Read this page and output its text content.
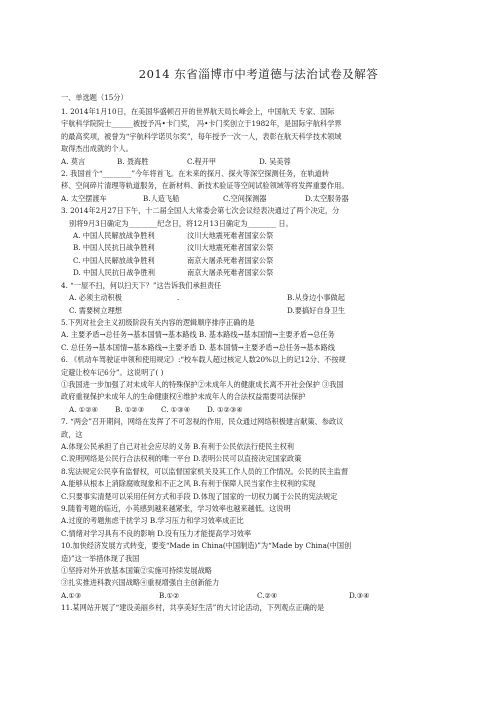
2014 东省淄博市中考道德与法治试卷及解答
一、单选题（15分）
1. 2014年1月10日，在美国华盛顿召开的世界航天局长峰会上，中国航天 专家、国际
宇航科学院院士______被授予冯•卡门奖， 冯•卡门奖创立于1982年，是国际宇航科学界
的最高奖项，被誉为“宇航科学诺贝尔奖”，每年授予一次一人，表彰在航天科学技术领域
取得杰出成就的个人。
A. 莫言	B. 聂海胜	C.程开甲	D. 吴美蓉
2. 我国首个“________”今年将首飞。在未来的探月、探火等深空探测任务，在轨道转
移、空间碎片清理等轨道服务，在新材料、新技术验证等空间试验领域等将发挥重要作用。
A. 太空摆渡车	B.人造飞船	C.空间探测器	D.太空服务器
3. 2014年2月27日下午，十二届全国人大常委会第七次会议经表决通过了两个决定，分
别将9月3日确定为________纪念日，将12月13日确定为________ 日。
A. 中国人民解放战争胜利	汶川大地震死难者国家公祭
B. 中国人民抗日战争胜利	汶川大地震死难者国家公祭
C. 中国人民解放战争胜利	南京大屠杀死难者国家公祭
D. 中国人民抗日战争胜利	南京大屠杀死难者国家公祭
4. “一屋不扫，何以扫天下？”这告诉我们承担责任
A. 必须主动积极	.	B.从身边小事做起
C. 需要树立理想	D.要搞好自身卫生
5.下列对社会主义初级阶段有关内容的逻辑顺序排序正确的是
A. 主要矛盾→总任务→基本国情→基本路线 B. 基本路线→基本国情→主要矛盾→总任务
C. 总任务→基本国情→基本路线→主要矛盾 D. 基本国情→主要矛盾→总任务→基本路线
6. 《机动车驾驶证申领和使用规定》:“校车载人超过核定人数20%以上的记12分、不按规
定避让校车记6分”。这说明了( )
①我国进一步加强了对未成年人的特殊保护②未成年人的健康成长离不开社会保护 ③我国
政府重视保护未成年人的生命健康权④维护未成年人的合法权益需要司法保护
A. ①②④	B. ①②③	C. ①③④	D. ①②③④
7. “两会”召开期间，网络在发挥了不可忽视的作用，民众通过网络积极建言献策、参政议
政，这
A.体现公民承担了自己对社会应尽的义务 B.有利于公民依法行使民主权利
C.说明网络是公民行合法权利的唯一平台 D.表明公民可以直接决定国家政策
8.宪法规定公民享有监督权，可以监督国家机关及其工作人员的工作情况。公民的民主监督
A.能够从根本上消除腐败现象和不正之风 B.有利于保障人民当家作主权利的实现
C.只要事实清楚可以采用任何方式和手段 D.体现了国家的一切权力属于公民的宪法规定
9.随着考题的临近，小英感到越来越紧张，学习效率也越来越低。这说明
A.过度的考题焦虑干扰学习 B.学习压力和学习效率成正比
C.情绪对学习具有不良的影响 D.没有压力才能提高学习效率
10.加快经济发展方式转变，要变“Made in China(中国制造)”为“Made by China(中国创
造)”这一举措体现了我国
①坚持对外开放基本国策②实施可持续发展战略
③扎实推进科教兴国战略④重视增强自主创新能力
A.①③	B.①②	C.②④	D.③④
11.某网站开展了“建设美丽乡村，共享美好生活”的大讨论活动，下列观点正确的是
